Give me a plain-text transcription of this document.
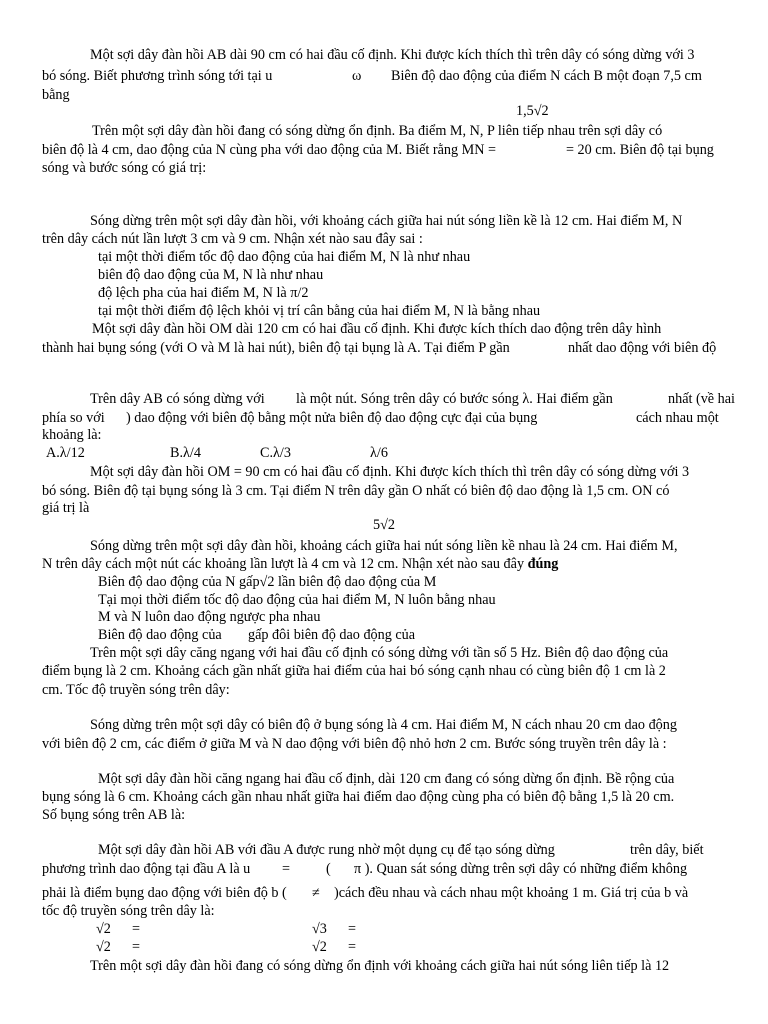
Một sợi dây đàn hồi AB dài 90 cm có hai đầu cố định. Khi được kích thích thì trên dây có sóng dừng với 3
bó sóng. Biết phương trình sóng tới tại u	ω Biên độ dao động của điểm N cách B một đoạn 7,5 cm
bằng
1,5√2
Trên một sợi dây đàn hồi đang có sóng dừng ổn định. Ba điểm M, N, P liên tiếp nhau trên sợi dây có
biên độ là 4 cm, dao động của N cùng pha với dao động của M. Biết rằng MN =	= 20 cm. Biên độ tại bụng
sóng và bước sóng có giá trị:
Sóng dừng trên một sợi dây đàn hồi, với khoảng cách giữa hai nút sóng liền kề là 12 cm. Hai điểm M, N
trên dây cách nút lần lượt 3 cm và 9 cm. Nhận xét nào sau đây sai :
tại một thời điểm tốc độ dao động của hai điểm M, N là như nhau
biên độ dao động của M, N là như nhau
độ lệch pha của hai điểm M, N là π/2
tại một thời điểm độ lệch khỏi vị trí cân bằng của hai điểm M, N là bằng nhau
Một sợi dây đàn hồi OM dài 120 cm có hai đầu cố định. Khi được kích thích dao động trên dây hình
thành hai bụng sóng (với O và M là hai nút), biên độ tại bụng là A. Tại điểm P gần	nhất dao động với biên độ
Trên dây AB có sóng dừng với là một nút. Sóng trên dây có bước sóng λ. Hai điểm gần	nhất (về hai
phía so với ) dao động với biên độ bằng một nửa biên độ dao động cực đại của bụng	cách nhau một
khoảng là:
A.λ/12	B.λ/4	C.λ/3	λ/6
Một sợi dây đàn hồi OM = 90 cm có hai đầu cố định. Khi được kích thích thì trên dây có sóng dừng với 3
bó sóng. Biên độ tại bụng sóng là 3 cm. Tại điểm N trên dây gần O nhất có biên độ dao động là 1,5 cm. ON có
giá trị là
5√2
Sóng dừng trên một sợi dây đàn hồi, khoảng cách giữa hai nút sóng liền kề nhau là 24 cm. Hai điểm M,
N trên dây cách một nút các khoảng lần lượt là 4 cm và 12 cm. Nhận xét nào sau đây đúng
Biên độ dao động của N gấp√2 lần biên độ dao động của M
Tại mọi thời điểm tốc độ dao động của hai điểm M, N luôn bằng nhau
M và N luôn dao động ngược pha nhau
Biên độ dao động của gấp đôi biên độ dao động của
Trên một sợi dây căng ngang với hai đầu cố định có sóng dừng với tần số 5 Hz. Biên độ dao động của
điểm bụng là 2 cm. Khoảng cách gần nhất giữa hai điểm của hai bó sóng cạnh nhau có cùng biên độ 1 cm là 2
cm. Tốc độ truyền sóng trên dây:
Sóng dừng trên một sợi dây có biên độ ở bụng sóng là 4 cm. Hai điểm M, N cách nhau 20 cm dao động
với biên độ 2 cm, các điểm ở giữa M và N dao động với biên độ nhỏ hơn 2 cm. Bước sóng truyền trên dây là :
Một sợi dây đàn hồi căng ngang hai đầu cố định, dài 120 cm đang có sóng dừng ổn định. Bề rộng của
bụng sóng là 6 cm. Khoảng cách gần nhau nhất giữa hai điểm dao động cùng pha có biên độ bằng 1,5 là 20 cm.
Số bụng sóng trên AB là:
Một sợi dây đàn hồi AB với đầu A được rung nhờ một dụng cụ để tạo sóng dừng	trên dây, biết
phương trình dao động tại đầu A là u =	( π ). Quan sát sóng dừng trên sợi dây có những điểm không
phải là điểm bụng dao động với biên độ b ( ≠ )cách đều nhau và cách nhau một khoảng 1 m. Giá trị của b và
tốc độ truyền sóng trên dây là:
√2 =	√3 =
√2 =	√2 =
Trên một sợi dây đàn hồi đang có sóng dừng ổn định với khoảng cách giữa hai nút sóng liên tiếp là 12
